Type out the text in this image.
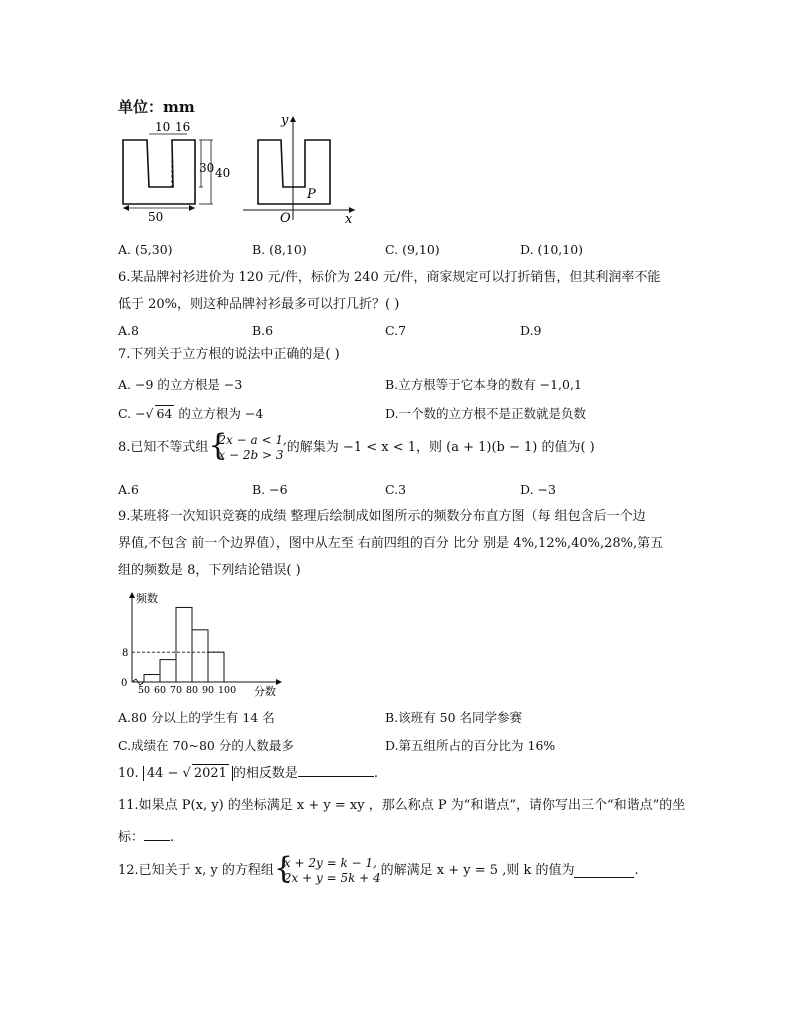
单位：mm
10 16
30 40
50
y
x
O
P
A. (5,30)	B. (8,10)	C. (9,10)	D. (10,10)
6.某品牌衬衫进价为 120 元/件，标价为 240 元/件，商家规定可以打折销售，但其利润率不能
低于 20%，则这种品牌衬衫最多可以打几折？( )
A.8	B.6	C.7	D.9
7.下列关于立方根的说法中正确的是( )
A. −9 的立方根是 −3	B.立方根等于它本身的数有 −1,0,1
C. −√ 64 的立方根为 −4	D.一个数的立方根不是正数就是负数
8.已知不等式组 {
2x − a < 1,
x − 2b > 3 的解集为 −1 < x < 1，则 (a + 1)(b − 1) 的值为( )
A.6	B. −6	C.3	D. −3
9.某班将一次知识竞赛的成绩 整理后绘制成如图所示的频数分布直方图（每 组包含后一个边
界值,不包含 前一个边界值），图中从左至 右前四组的百分 比分 别是 4%,12%,40%,28%,第五
组的频数是 8，下列结论错误( )
频数
分数
0
8
50 60 70 80 90 100
A.80 分以上的学生有 14 名	B.该班有 50 名同学参赛
C.成绩在 70~80 分的人数最多	D.第五组所占的百分比为 16%
10. 44 − √ 2021 的相反数是	.
11.如果点 P(x, y) 的坐标满足 x + y = xy ，那么称点 P 为“和谐点”，请你写出三个“和谐点”的坐
标： .
12.已知关于 x, y 的方程组 {
x + 2y = k − 1,
2x + y = 5k + 4 的解满足 x + y = 5 ,则 k 的值为	.
